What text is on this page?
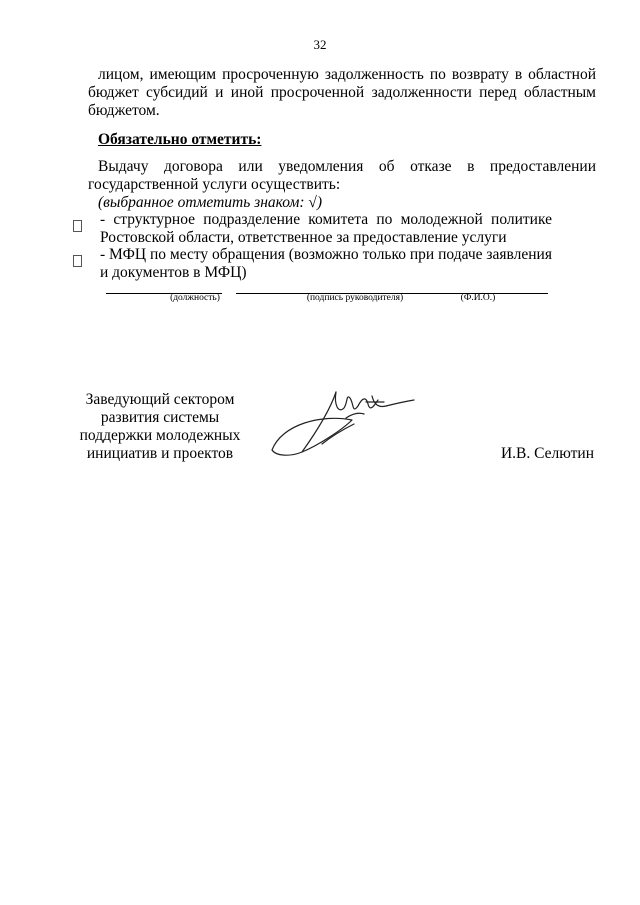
32
лицом, имеющим просроченную задолженность по возврату в областной
бюджет субсидий и иной просроченной задолженности перед областным
бюджетом.
Обязательно отметить:
Выдачу договора или уведомления об отказе в предоставлении
государственной услуги осуществить:
(выбранное отметить знаком: √)
- структурное подразделение комитета по молодежной политике
Ростовской области, ответственное за предоставление услуги
- МФЦ по месту обращения (возможно только при подаче заявления
и документов в МФЦ)
(должность)	(подпись руководителя)	(Ф.И.О.)
Заведующий сектором
развития системы
поддержки молодежных
инициатив и проектов	И.В. Селютин
